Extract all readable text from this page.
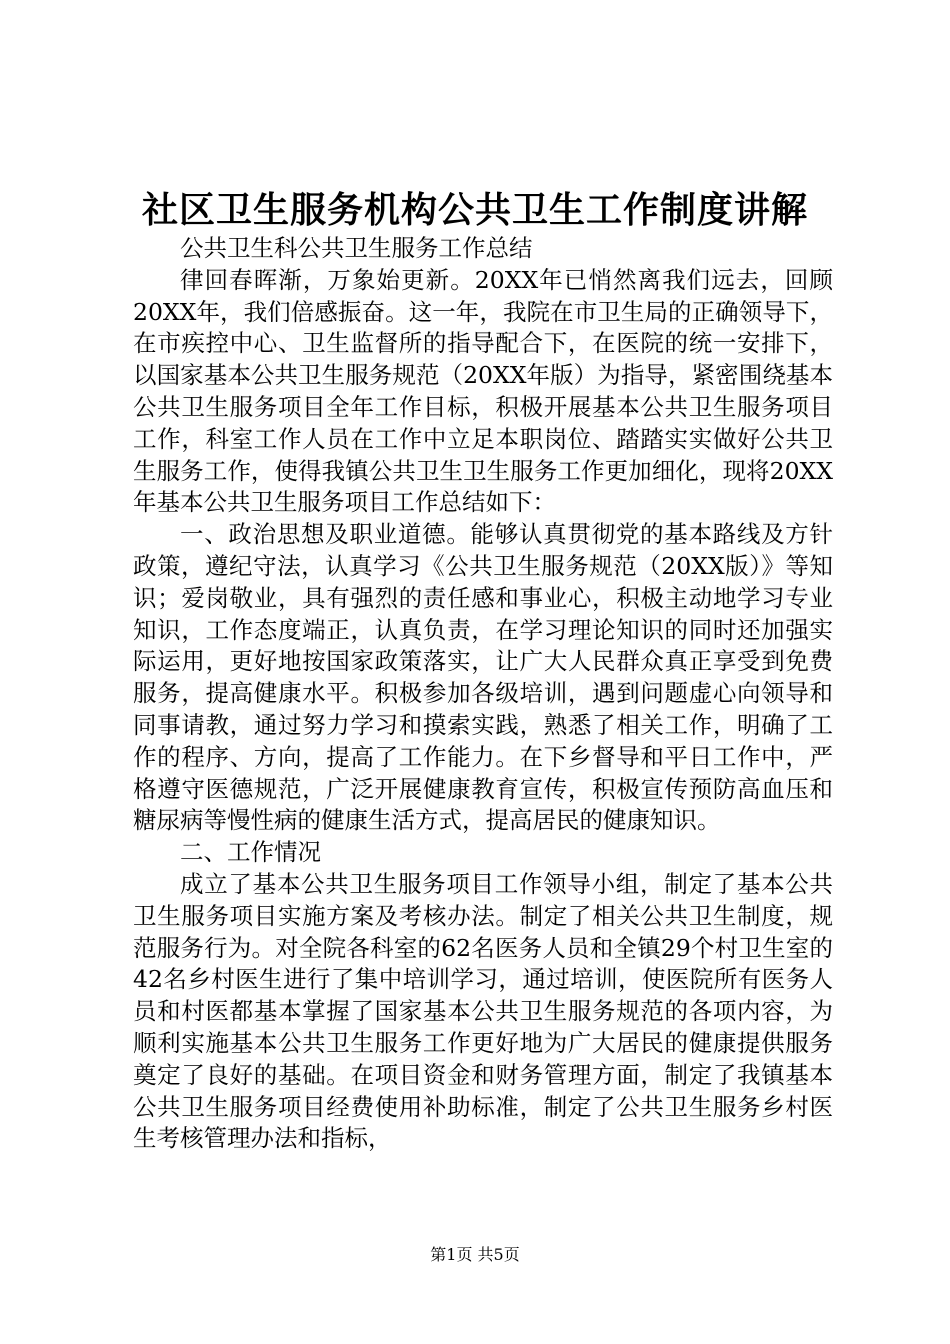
社区卫生服务机构公共卫生工作制度讲解

公共卫生科公共卫生服务工作总结

律回春晖渐，万象始更新。20XX年已悄然离我们远去，回顾20XX年，我们倍感振奋。这一年，我院在市卫生局的正确领导下，在市疾控中心、卫生监督所的指导配合下，在医院的统一安排下，以国家基本公共卫生服务规范（20XX年版）为指导，紧密围绕基本公共卫生服务项目全年工作目标，积极开展基本公共卫生服务项目工作，科室工作人员在工作中立足本职岗位、踏踏实实做好公共卫生服务工作，使得我镇公共卫生卫生服务工作更加细化，现将20XX年基本公共卫生服务项目工作总结如下：

一、政治思想及职业道德。能够认真贯彻党的基本路线及方针政策，遵纪守法，认真学习《公共卫生服务规范（20XX版）》等知识；爱岗敬业，具有强烈的责任感和事业心，积极主动地学习专业知识，工作态度端正，认真负责，在学习理论知识的同时还加强实际运用，更好地按国家政策落实，让广大人民群众真正享受到免费服务，提高健康水平。积极参加各级培训，遇到问题虚心向领导和同事请教，通过努力学习和摸索实践，熟悉了相关工作，明确了工作的程序、方向，提高了工作能力。在下乡督导和平日工作中，严格遵守医德规范，广泛开展健康教育宣传，积极宣传预防高血压和糖尿病等慢性病的健康生活方式，提高居民的健康知识。

二、工作情况

成立了基本公共卫生服务项目工作领导小组，制定了基本公共卫生服务项目实施方案及考核办法。制定了相关公共卫生制度，规范服务行为。对全院各科室的62名医务人员和全镇29个村卫生室的42名乡村医生进行了集中培训学习，通过培训，使医院所有医务人员和村医都基本掌握了国家基本公共卫生服务规范的各项内容，为顺利实施基本公共卫生服务工作更好地为广大居民的健康提供服务奠定了良好的基础。在项目资金和财务管理方面，制定了我镇基本公共卫生服务项目经费使用补助标准，制定了公共卫生服务乡村医生考核管理办法和指标，

第1页 共5页
